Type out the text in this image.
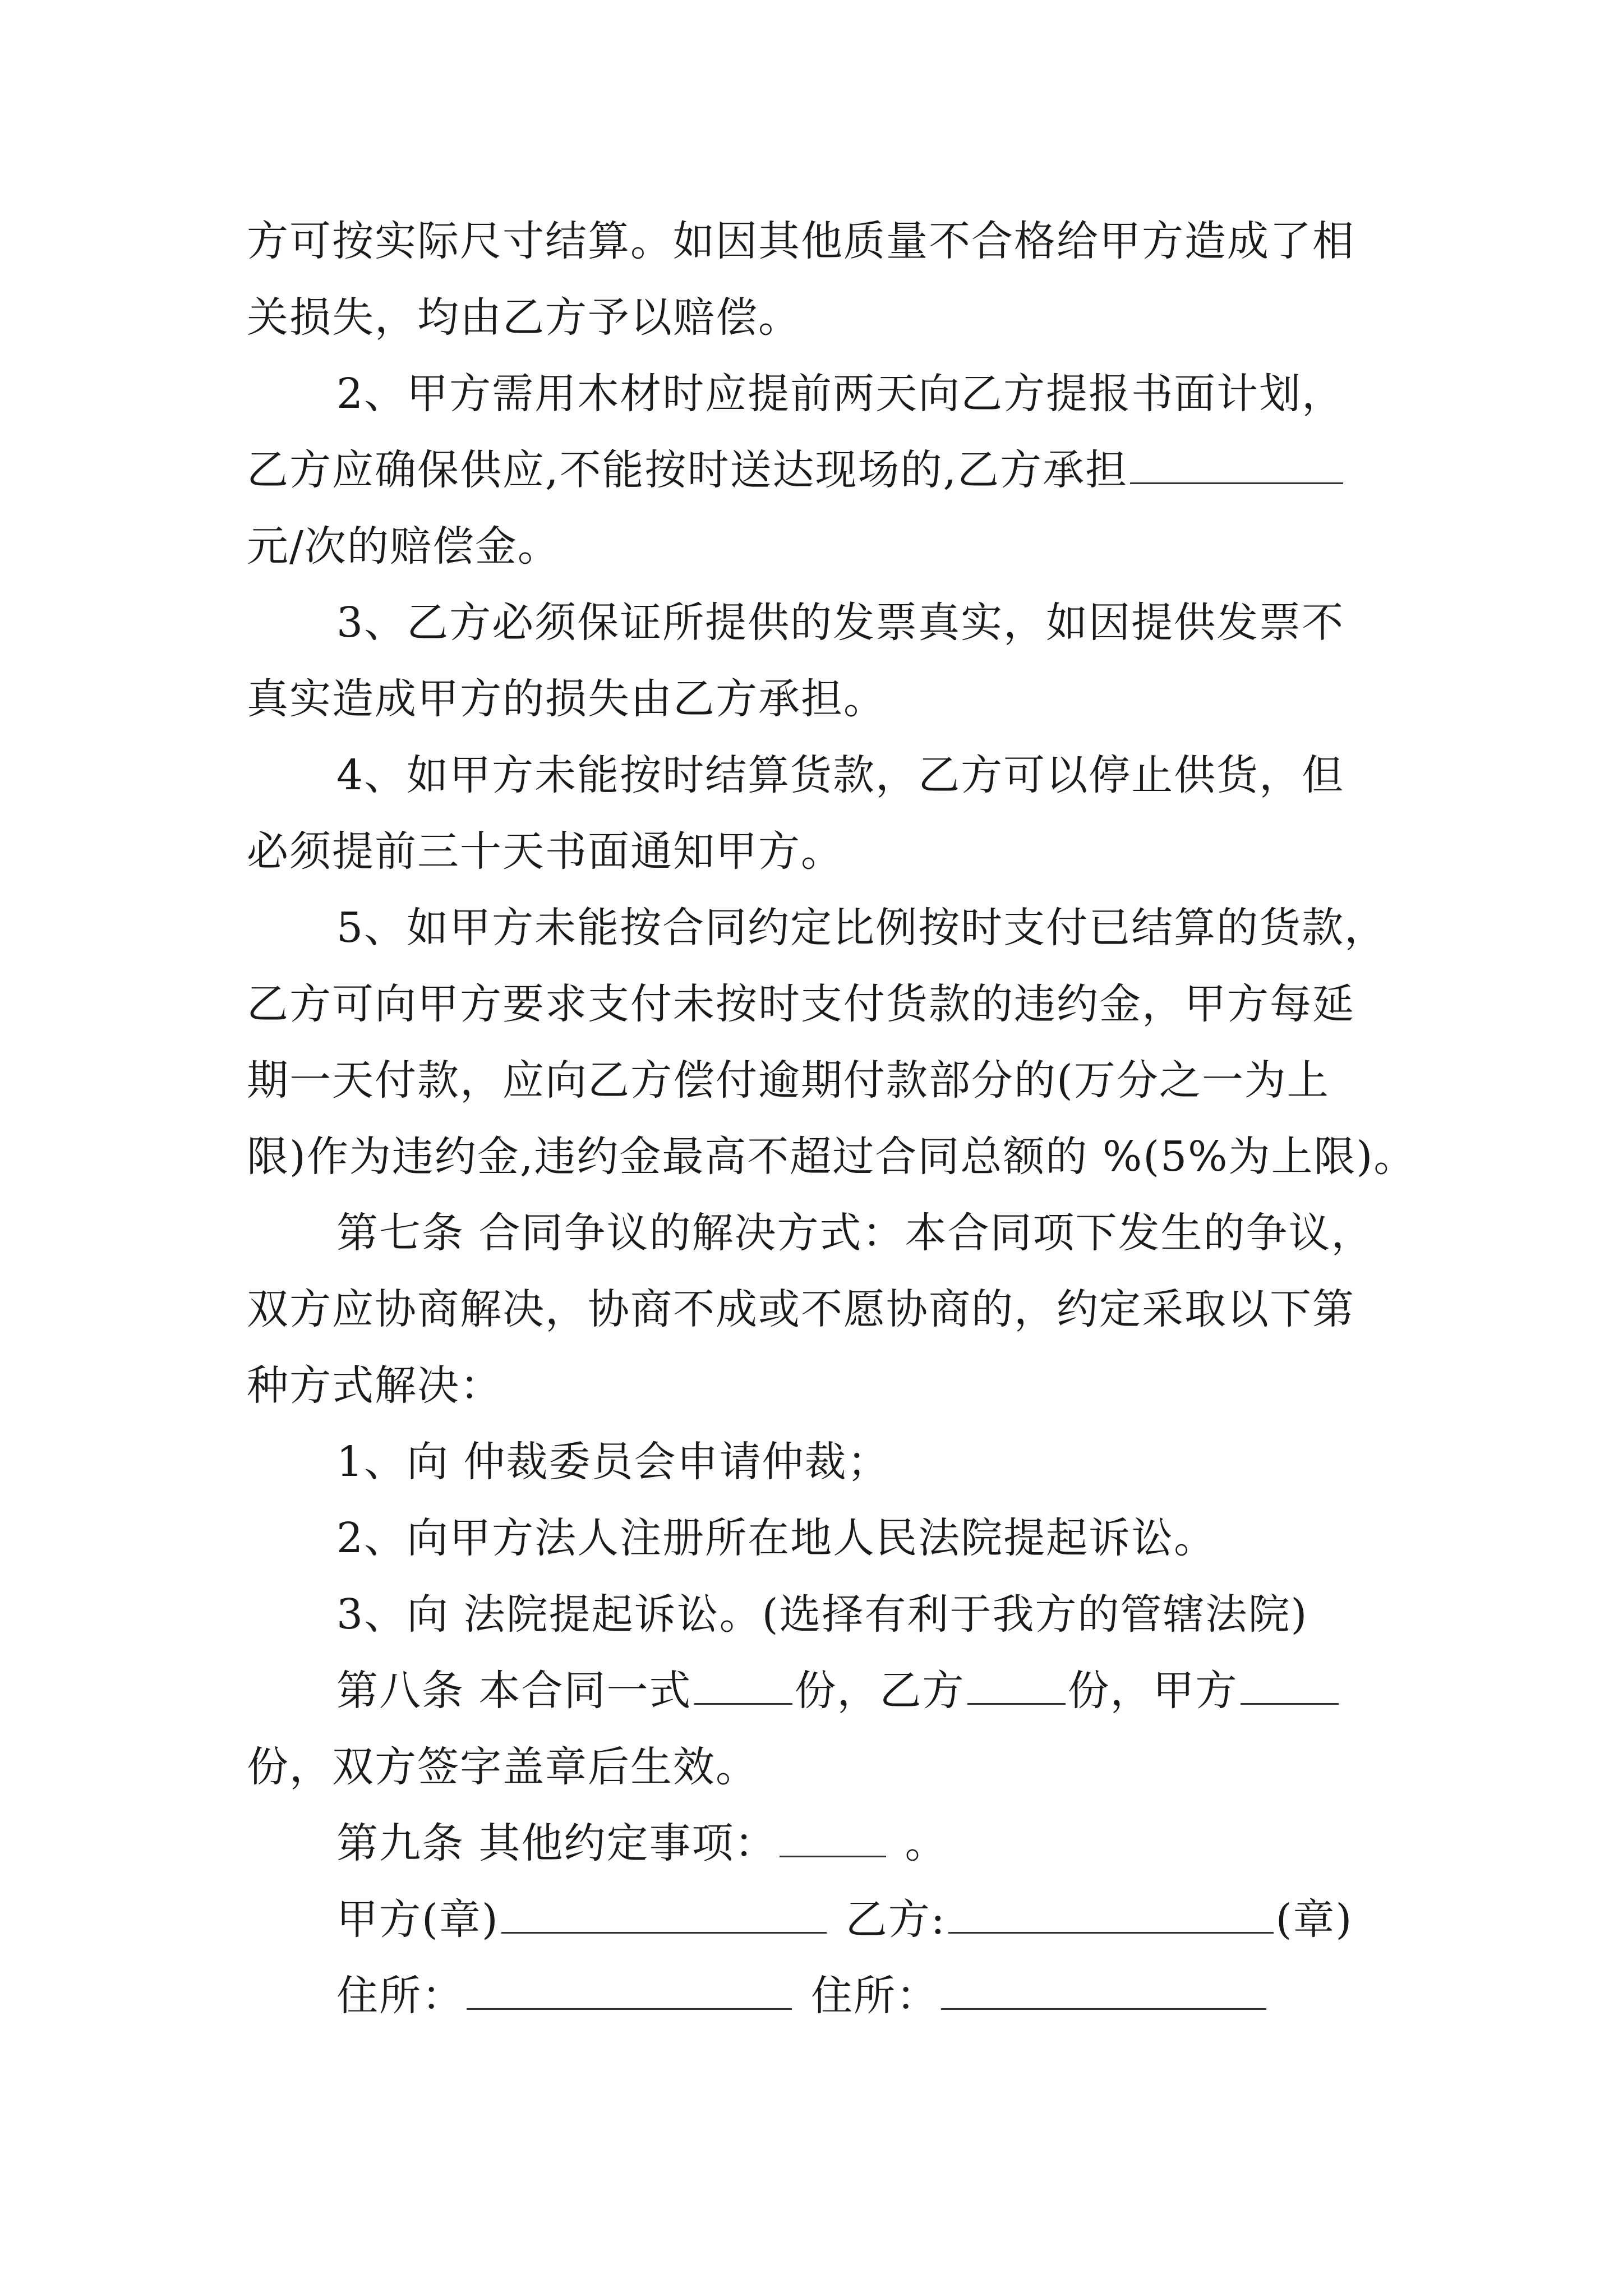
方可按实际尺寸结算。如因其他质量不合格给甲方造成了相
关损失，均由乙方予以赔偿。
2、甲方需用木材时应提前两天向乙方提报书面计划，
乙方应确保供应,不能按时送达现场的,乙方承担
元/次的赔偿金。
3、乙方必须保证所提供的发票真实，如因提供发票不
真实造成甲方的损失由乙方承担。
4、如甲方未能按时结算货款，乙方可以停止供货，但
必须提前三十天书面通知甲方。
5、如甲方未能按合同约定比例按时支付已结算的货款，
乙方可向甲方要求支付未按时支付货款的违约金，甲方每延
期一天付款，应向乙方偿付逾期付款部分的(万分之一为上
限)作为违约金,违约金最高不超过合同总额的 %(5%为上限)。
第七条 合同争议的解决方式：本合同项下发生的争议，
双方应协商解决，协商不成或不愿协商的，约定采取以下第
种方式解决：
1、向 仲裁委员会申请仲裁；
2、向甲方法人注册所在地人民法院提起诉讼。
3、向 法院提起诉讼。(选择有利于我方的管辖法院)
第八条 本合同一式 份，乙方 份，甲方
份，双方签字盖章后生效。
第九条 其他约定事项：	。
甲方(章)	乙方:	(章)
住所：	住所：
